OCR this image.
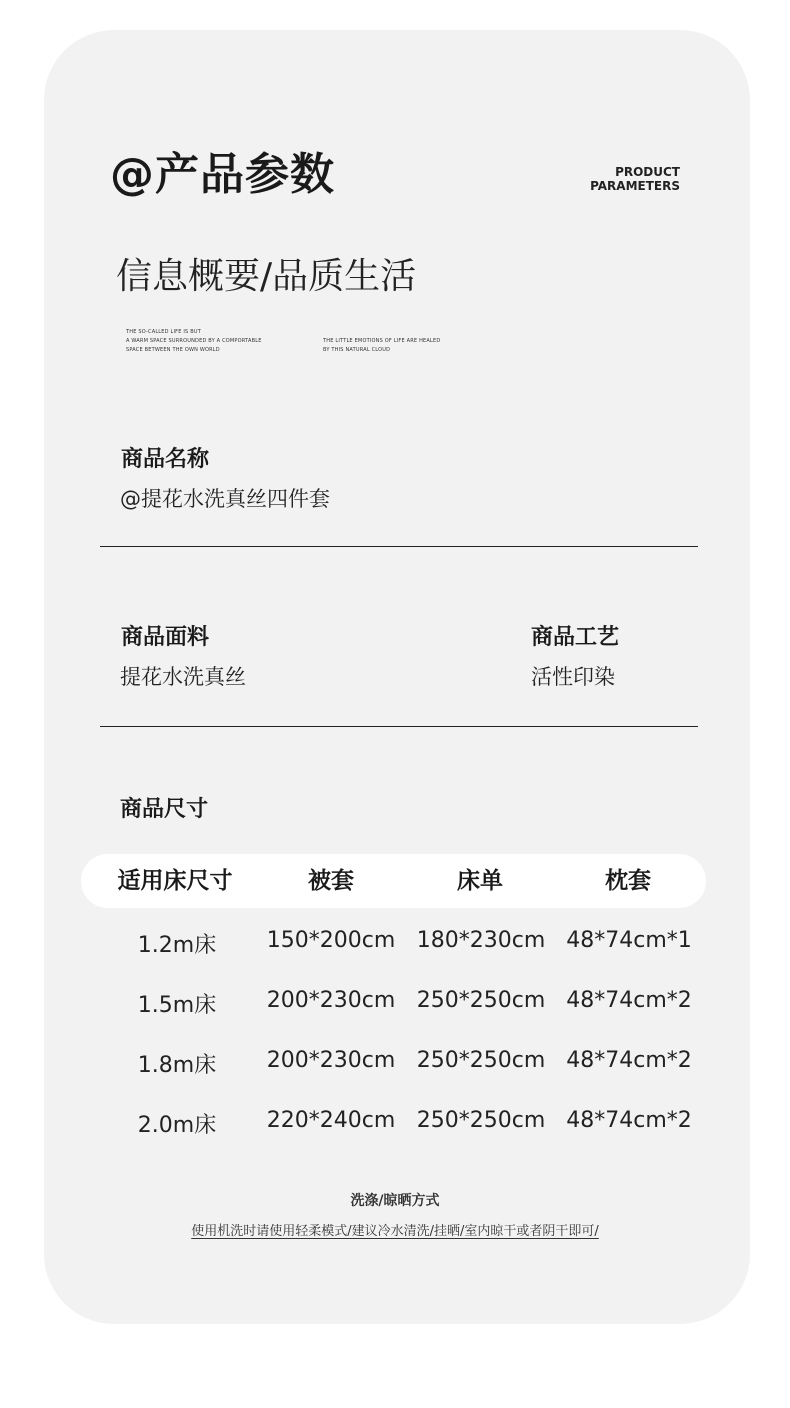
@产品参数	PRODUCT
PARAMETERS
信息概要/品质生活
THE SO-CALLED LIFE IS BUT
A WARM SPACE SURROUNDED BY A COMPORTABLE
SPACE BETWEEN THE OWN WORLD
THE LITTLE EMOTIONS OF LIFE ARE HEALED
BY THIS NATURAL CLOUD
商品名称
@提花水洗真丝四件套
商品面料
提花水洗真丝
商品工艺
活性印染
商品尺寸
适用床尺寸	被套	床单	枕套
1.2m床	150*200cm 180*230cm 48*74cm*1
1.5m床	200*230cm 250*250cm 48*74cm*2
1.8m床	200*230cm 250*250cm 48*74cm*2
2.0m床	220*240cm 250*250cm 48*74cm*2
洗涤/晾晒方式
使用机洗时请使用轻柔模式/建议冷水清洗/挂晒/室内晾干或者阴干即可/
